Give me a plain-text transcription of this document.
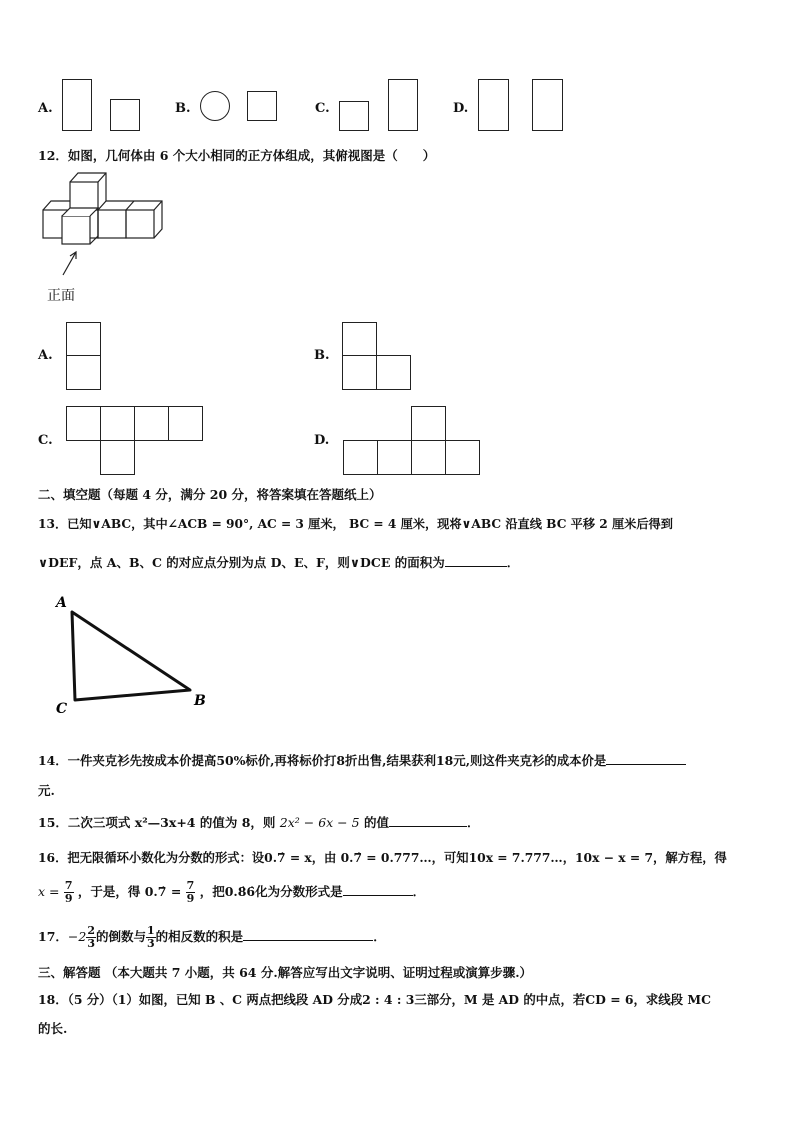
A.	B.	C.	D.
12．如图，几何体由 6 个大小相同的正方体组成，其俯视图是（　　）
正面
A.	B.
C.	D.
二、填空题（每题 4 分，满分 20 分，将答案填在答题纸上）
13．已知∨ABC，其中∠ACB = 90°, AC = 3 厘米， BC = 4 厘米，现将∨ABC 沿直线 BC 平移 2 厘米后得到
∨DEF，点 A、B、C 的对应点分别为点 D、E、F，则∨DCE 的面积为	．
A
C	B
14．一件夹克衫先按成本价提高50%标价,再将标价打8折出售,结果获利18元,则这件夹克衫的成本价是
元.
15．二次三项式 x²—3x+4 的值为 8，则 2x² − 6x − 5 的值	．
16．把无限循环小数化为分数的形式：设0.7̇ = x，由 0.7̇ = 0.777…，可知10x = 7.777…，10x − x = 7，解方程，得
$x = \frac{7}{9}$ ，于是，得 0.7̇ = $\frac{7}{9}$ ，把0.8̇6̇化为分数形式是	．
17．$-2 \frac{2}{3}$ 的倒数与 $\frac{1}{3}$ 的相反数的积是	．
三、解答题 （本大题共 7 小题，共 64 分.解答应写出文字说明、证明过程或演算步骤.）
18．（5 分）（1）如图，已知 B 、C 两点把线段 AD 分成2 : 4 : 3三部分，M 是 AD 的中点，若CD = 6，求线段 MC
的长.
